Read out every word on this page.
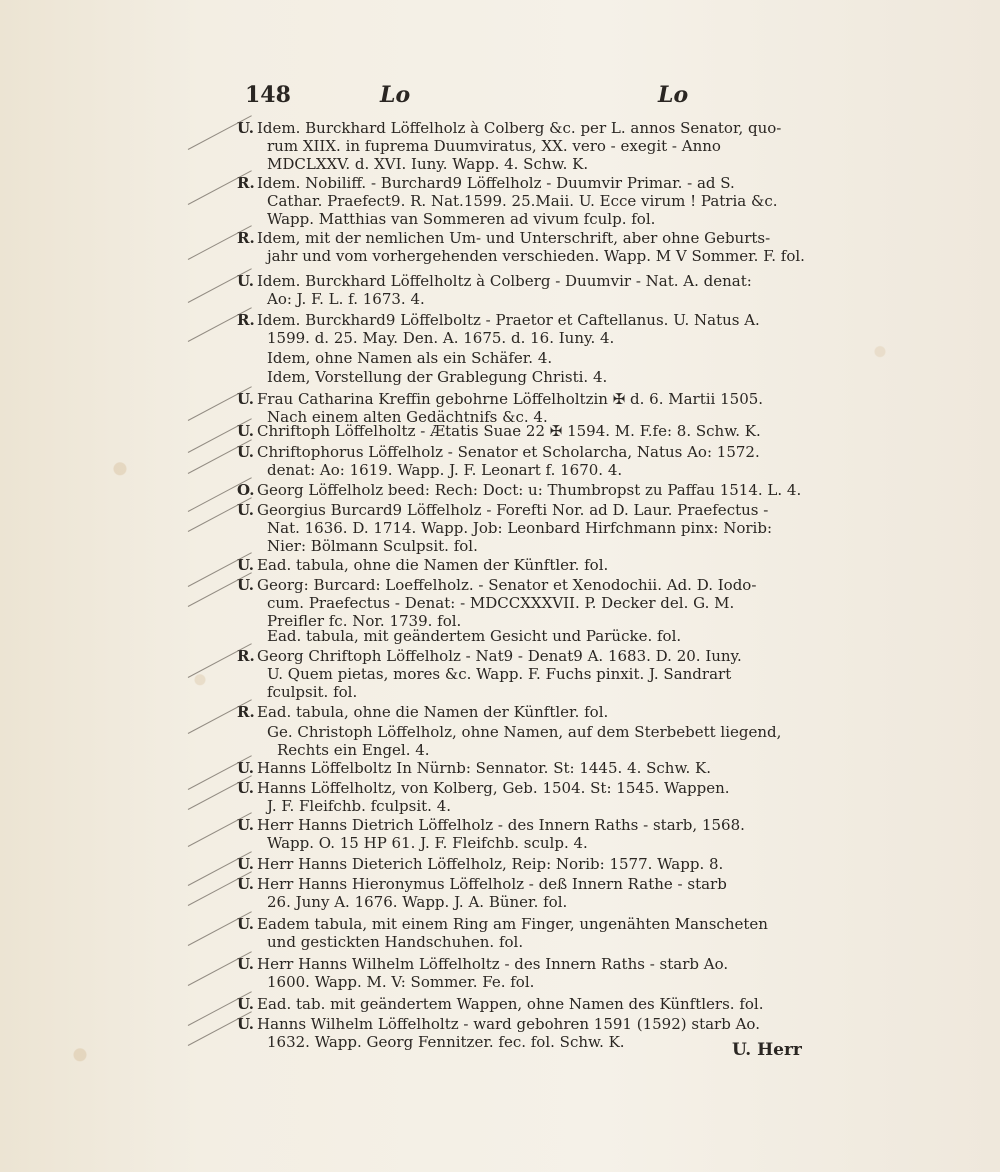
148	Lo	Lo
U. Idem. Burckhard Löffelholz à Colberg &c. per L. annos Senator, quo-
rum XIIX. in fuprema Duumviratus, XX. vero - exegit - Anno
MDCLXXV. d. XVI. Iuny. Wapp. 4. Schw. K.
R. Idem. Nobiliff. - Burchard9 Löffelholz - Duumvir Primar. - ad S.
Cathar. Praefect9. R. Nat.1599. 25.Maii. U. Ecce virum ! Patria &c.
Wapp. Matthias van Sommeren ad vivum fculp. fol.
R. Idem, mit der nemlichen Um- und Unterschrift, aber ohne Geburts-
jahr und vom vorhergehenden verschieden. Wapp. M V Sommer. F. fol.
U. Idem. Burckhard Löffelholtz à Colberg - Duumvir - Nat. A. denat:
Ao: J. F. L. f. 1673. 4.
R. Idem. Burckhard9 Löffelboltz - Praetor et Caftellanus. U. Natus A.
1599. d. 25. May. Den. A. 1675. d. 16. Iuny. 4.
Idem, ohne Namen als ein Schäfer. 4.
Idem, Vorstellung der Grablegung Christi. 4.
U. Frau Catharina Kreffin gebohrne Löffelholtzin ✠ d. 6. Martii 1505.
Nach einem alten Gedächtnifs &c. 4.
U. Chriftoph Löffelholtz - Ætatis Suae 22 ✠ 1594. M. F.fe: 8. Schw. K.
U. Chriftophorus Löffelholz - Senator et Scholarcha, Natus Ao: 1572.
denat: Ao: 1619. Wapp. J. F. Leonart f. 1670. 4.
O. Georg Löffelholz beed: Rech: Doct: u: Thumbropst zu Paffau 1514. L. 4.
U. Georgius Burcard9 Löffelholz - Forefti Nor. ad D. Laur. Praefectus -
Nat. 1636. D. 1714. Wapp. Job: Leonbard Hirfchmann pinx: Norib:
Nier: Bölmann Sculpsit. fol.
U. Ead. tabula, ohne die Namen der Künftler. fol.
U. Georg: Burcard: Loeffelholz. - Senator et Xenodochii. Ad. D. Iodo-
cum. Praefectus - Denat: - MDCCXXXVII. P. Decker del. G. M.
Preifler fc. Nor. 1739. fol.
Ead. tabula, mit geändertem Gesicht und Parücke. fol.
R. Georg Chriftoph Löffelholz - Nat9 - Denat9 A. 1683. D. 20. Iuny.
U. Quem pietas, mores &c. Wapp. F. Fuchs pinxit. J. Sandrart
fculpsit. fol.
R. Ead. tabula, ohne die Namen der Künftler. fol.
Ge. Christoph Löffelholz, ohne Namen, auf dem Sterbebett liegend,
Rechts ein Engel. 4.
U. Hanns Löffelboltz In Nürnb: Sennator. St: 1445. 4. Schw. K.
U. Hanns Löffelholtz, von Kolberg, Geb. 1504. St: 1545. Wappen.
J. F. Fleifchb. fculpsit. 4.
U. Herr Hanns Dietrich Löffelholz - des Innern Raths - starb, 1568.
Wapp. O. 15 HP 61. J. F. Fleifchb. sculp. 4.
U. Herr Hanns Dieterich Löffelholz, Reip: Norib: 1577. Wapp. 8.
U. Herr Hanns Hieronymus Löffelholz - deß Innern Rathe - starb
26. Juny A. 1676. Wapp. J. A. Büner. fol.
U. Eadem tabula, mit einem Ring am Finger, ungenähten Manscheten
und gestickten Handschuhen. fol.
U. Herr Hanns Wilhelm Löffelholtz - des Innern Raths - starb Ao.
1600. Wapp. M. V: Sommer. Fe. fol.
U. Ead. tab. mit geändertem Wappen, ohne Namen des Künftlers. fol.
U. Hanns Wilhelm Löffelholtz - ward gebohren 1591 (1592) starb Ao.
1632. Wapp. Georg Fennitzer. fec. fol. Schw. K.	U. Herr
